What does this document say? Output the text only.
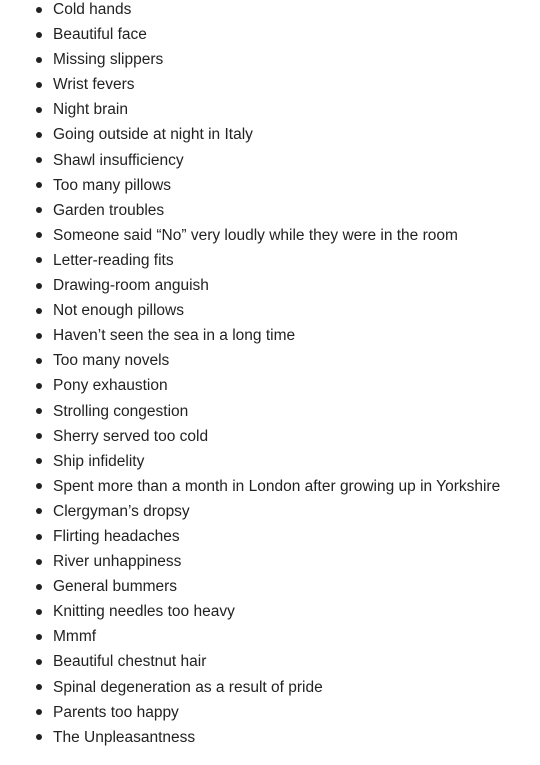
Cold hands
Beautiful face
Missing slippers
Wrist fevers
Night brain
Going outside at night in Italy
Shawl insufficiency
Too many pillows
Garden troubles
Someone said “No” very loudly while they were in the room
Letter-reading fits
Drawing-room anguish
Not enough pillows
Haven’t seen the sea in a long time
Too many novels
Pony exhaustion
Strolling congestion
Sherry served too cold
Ship infidelity
Spent more than a month in London after growing up in Yorkshire
Clergyman’s dropsy
Flirting headaches
River unhappiness
General bummers
Knitting needles too heavy
Mmmf
Beautiful chestnut hair
Spinal degeneration as a result of pride
Parents too happy
The Unpleasantness
